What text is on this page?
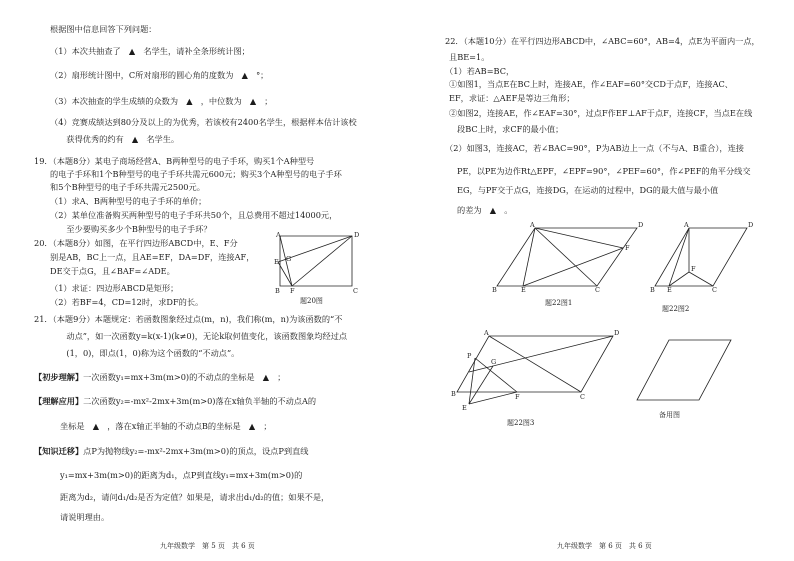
根据图中信息回答下列问题：
（1）本次共抽查了　▲　名学生，请补全条形统计图；
（2）扇形统计图中，C所对扇形的圆心角的度数为　▲　°；
（3）本次抽查的学生成绩的众数为　▲　，中位数为　▲　；
（4）竞赛成绩达到80分及以上的为优秀，若该校有2400名学生，根据样本估计该校
　　获得优秀的约有　▲　名学生。
19．（本题8分）某电子商场经营A、B两种型号的电子手环，购买1个A种型号
的电子手环和1个B种型号的电子手环共需元600元；购买3个A种型号的电子手环
和5个B种型号的电子手环共需元2500元。
（1）求A、B两种型号的电子手环的单价；
（2）某单位准备购买两种型号的电子手环共50个，且总费用不超过14000元，
　　至少要购买多少个B种型号的电子手环？
20．（本题8分）如图，在平行四边形ABCD中，E、F分
别是AB，BC上一点，且AE=EF，DA=DF，连接AF，
DE交于点G，且∠BAF=∠ADE。
（1）求证：四边形ABCD是矩形；
（2）若BF=4，CD=12时，求DF的长。
A	D
E G
B F	C
题20图
21．（本题9分）本题规定：若函数图象经过点(m，n)，我们称(m，n)为该函数的“不
　　动点”，如一次函数y=k(x-1)(k≠0)，无论k取何值变化，该函数图象均经过点
　　(1，0)，即点(1，0)称为这个函数的“不动点”。
【初步理解】一次函数y₁=mx+3m(m>0)的不动点的坐标是　▲　；
【理解应用】二次函数y₂=-mx²-2mx+3m(m>0)落在x轴负半轴的不动点A的
坐标是　▲　，落在x轴正半轴的不动点B的坐标是　▲　；
【知识迁移】点P为抛物线y₂=-mx²-2mx+3m(m>0)的顶点，设点P到直线
y₁=mx+3m(m>0)的距离为d₁，点P到直线y₁=mx+3m(m>0)的
距离为d₂，请问d₁/d₂是否为定值？如果是，请求出d₁/d₂的值；如果不是，
请说明理由。
九年级数学　第 5 页　共 6 页
22．（本题10分）在平行四边形ABCD中，∠ABC=60°，AB=4，点E为平面内一点，
且BE=1。
（1）若AB=BC，
①如图1，当点E在BC上时，连接AE，作∠EAF=60°交CD于点F，连接AC、
EF，求证：△AEF是等边三角形；
②如图2，连接AE，作∠EAF=30°，过点F作EF⊥AF于点F，连接CF，当点E在线
段BC上时，求CF的最小值；
（2）如图3，连接AC，若∠BAC=90°，P为AB边上一点（不与A、B重合），连接
PE，以PE为边作Rt△EPF，∠EPF=90°，∠PEF=60°，作∠PEF的角平分线交
EG，与PF交于点G，连接DG，在运动的过程中，DG的最大值与最小值
的差为　▲　。
A	D
F
B	E	C
题22图1
A	D
F
B E	C
题22图2
A	D
P
G
B	F	C
E
题22图3
备用图
九年级数学　第 6 页　共 6 页
